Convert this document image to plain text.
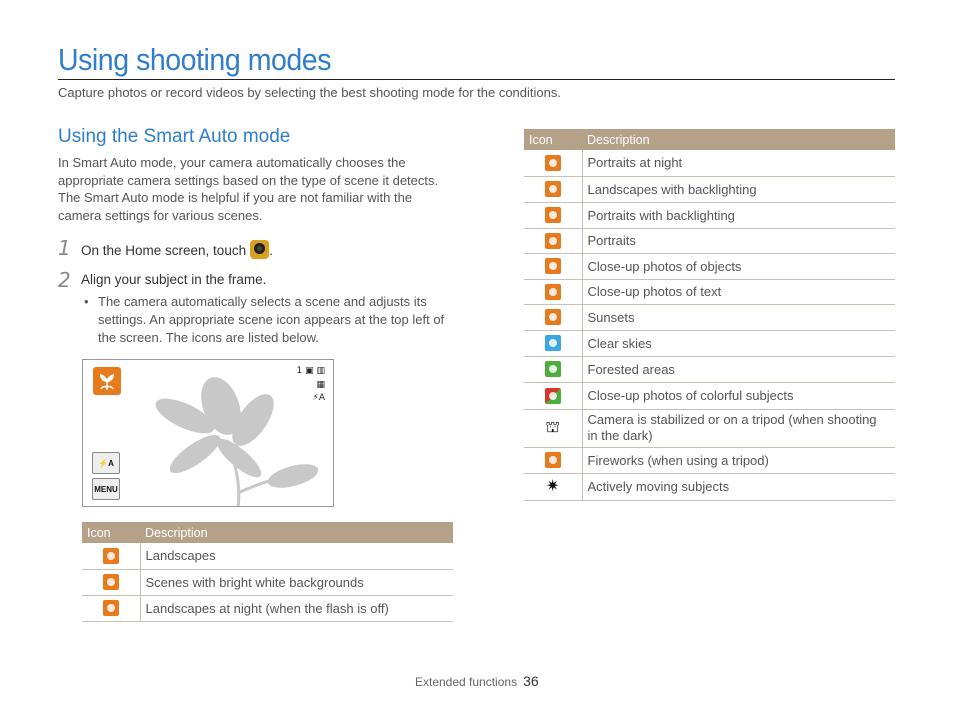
Using shooting modes
Capture photos or record videos by selecting the best shooting mode for the conditions.
Using the Smart Auto mode
In Smart Auto mode, your camera automatically chooses the appropriate camera settings based on the type of scene it detects. The Smart Auto mode is helpful if you are not familiar with the camera settings for various scenes.
1 On the Home screen, touch .
2 Align your subject in the frame.
• The camera automatically selects a scene and adjusts its settings. An appropriate scene icon appears at the top left of the screen. The icons are listed below.
1 ▣ ▥
▦
⚡A
⚡A
MENU
Icon	Description
	Landscapes
	Scenes with bright white backgrounds
	Landscapes at night (when the flash is off)
Icon	Description
	Portraits at night
	Landscapes with backlighting
	Portraits with backlighting
	Portraits
	Close-up photos of objects
	Close-up photos of text
	Sunsets
	Clear skies
	Forested areas
	Close-up photos of colorful subjects
⛫	Camera is stabilized or on a tripod (when shooting in the dark)
	Fireworks (when using a tripod)
✷	Actively moving subjects
Extended functions 36
